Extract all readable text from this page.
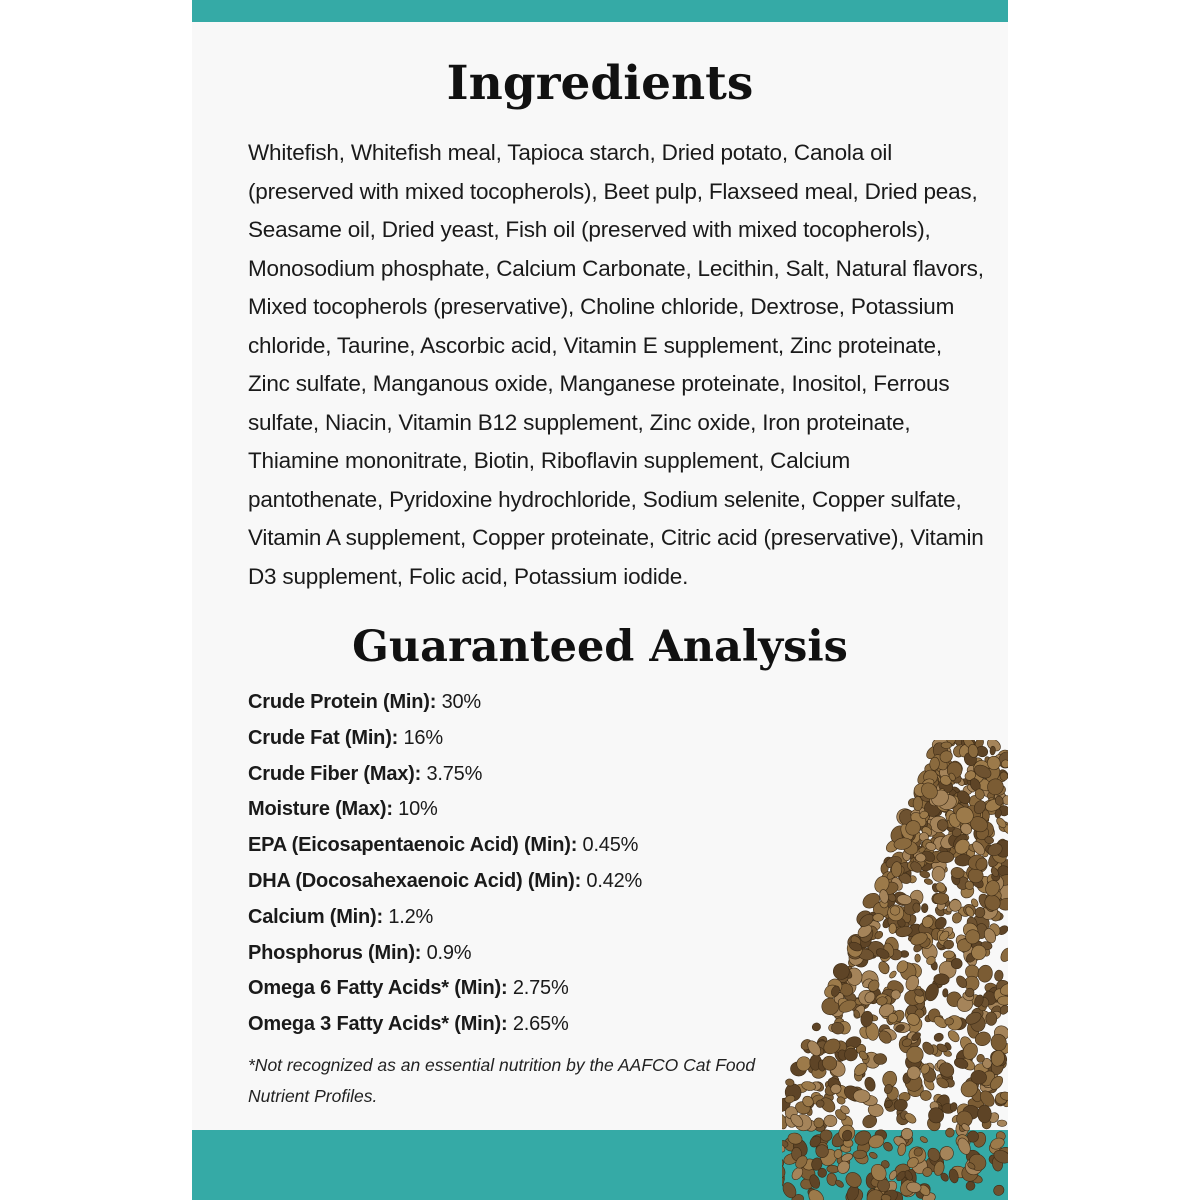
Ingredients

Whitefish, Whitefish meal, Tapioca starch, Dried potato, Canola oil (preserved with mixed tocopherols), Beet pulp, Flaxseed meal, Dried peas, Seasame oil, Dried yeast, Fish oil (preserved with mixed tocopherols), Monosodium phosphate, Calcium Carbonate, Lecithin, Salt, Natural flavors, Mixed tocopherols (preservative), Choline chloride, Dextrose, Potassium chloride, Taurine, Ascorbic acid, Vitamin E supplement, Zinc proteinate, Zinc sulfate, Manganous oxide, Manganese proteinate, Inositol, Ferrous sulfate, Niacin, Vitamin B12 supplement, Zinc oxide, Iron proteinate, Thiamine mononitrate, Biotin, Riboflavin supplement, Calcium pantothenate, Pyridoxine hydrochloride, Sodium selenite, Copper sulfate, Vitamin A supplement, Copper proteinate, Citric acid (preservative), Vitamin D3 supplement, Folic acid, Potassium iodide.

Guaranteed Analysis
Crude Protein (Min): 30%
Crude Fat (Min): 16%
Crude Fiber (Max): 3.75%
Moisture (Max): 10%
EPA (Eicosapentaenoic Acid) (Min): 0.45%
DHA (Docosahexaenoic Acid) (Min): 0.42%
Calcium (Min): 1.2%
Phosphorus (Min): 0.9%
Omega 6 Fatty Acids* (Min): 2.75%
Omega 3 Fatty Acids* (Min): 2.65%

*Not recognized as an essential nutrition by the AAFCO Cat Food Nutrient Profiles.
